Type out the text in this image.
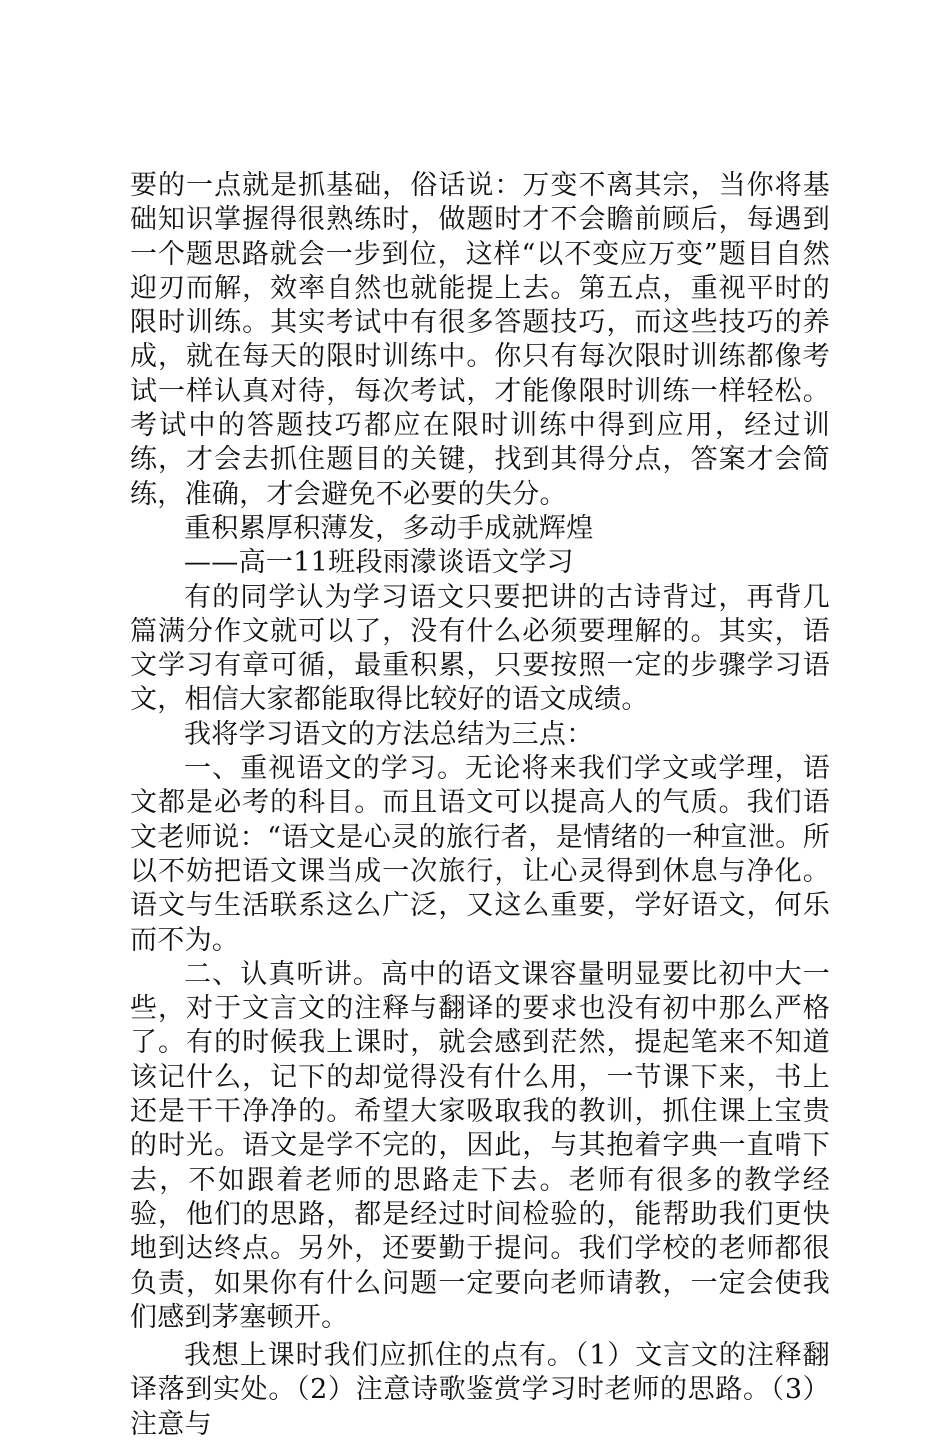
要的一点就是抓基础，俗话说：万变不离其宗，当你将基础知识掌握得很熟练时，做题时才不会瞻前顾后，每遇到一个题思路就会一步到位，这样“以不变应万变”题目自然迎刃而解，效率自然也就能提上去。第五点，重视平时的限时训练。其实考试中有很多答题技巧，而这些技巧的养成，就在每天的限时训练中。你只有每次限时训练都像考试一样认真对待，每次考试，才能像限时训练一样轻松。考试中的答题技巧都应在限时训练中得到应用，经过训练，才会去抓住题目的关键，找到其得分点，答案才会简练，准确，才会避免不必要的失分。

重积累厚积薄发，多动手成就辉煌

——高一11班段雨濛谈语文学习

有的同学认为学习语文只要把讲的古诗背过，再背几篇满分作文就可以了，没有什么必须要理解的。其实，语文学习有章可循，最重积累，只要按照一定的步骤学习语文，相信大家都能取得比较好的语文成绩。

我将学习语文的方法总结为三点：

一、重视语文的学习。无论将来我们学文或学理，语文都是必考的科目。而且语文可以提高人的气质。我们语文老师说：“语文是心灵的旅行者，是情绪的一种宣泄。所以不妨把语文课当成一次旅行，让心灵得到休息与净化。语文与生活联系这么广泛，又这么重要，学好语文，何乐而不为。

二、认真听讲。高中的语文课容量明显要比初中大一些，对于文言文的注释与翻译的要求也没有初中那么严格了。有的时候我上课时，就会感到茫然，提起笔来不知道该记什么，记下的却觉得没有什么用，一节课下来，书上还是干干净净的。希望大家吸取我的教训，抓住课上宝贵的时光。语文是学不完的，因此，与其抱着字典一直啃下去，不如跟着老师的思路走下去。老师有很多的教学经验，他们的思路，都是经过时间检验的，能帮助我们更快地到达终点。另外，还要勤于提问。我们学校的老师都很负责，如果你有什么问题一定要向老师请教，一定会使我们感到茅塞顿开。

我想上课时我们应抓住的点有。（1）文言文的注释翻译落到实处。（2）注意诗歌鉴赏学习时老师的思路。（3）注意与
